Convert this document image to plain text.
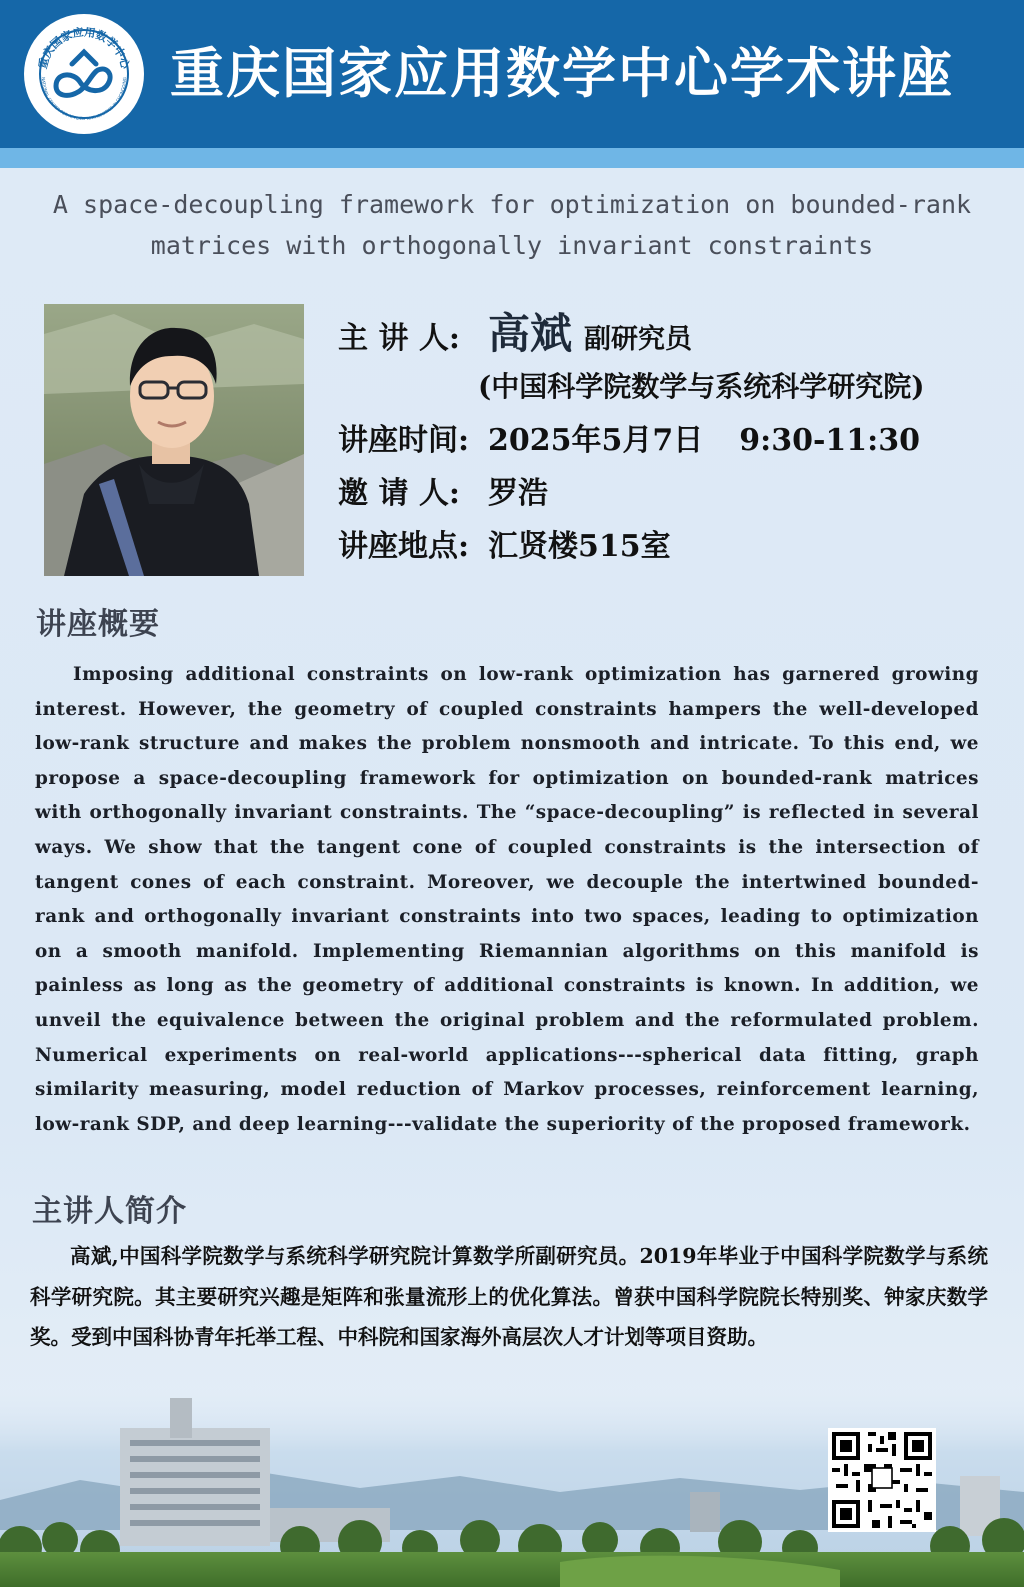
重庆国家应用数学中心
NATIONAL CENTER FOR APPLIED MATHEMATICS IN CHONGQING 重庆国家应用数学中心学术讲座
A space-decoupling framework for optimization on bounded-rank
matrices with orthogonally invariant constraints
主 讲 人: 高斌 副研究员
(中国科学院数学与系统科学研究院)
讲座时间: 2025年5月7日 9:30-11:30
邀 请 人: 罗浩
讲座地点: 汇贤楼515室
讲座概要

Imposing additional constraints on low-rank optimization has garnered growing interest. However, the geometry of coupled constraints hampers the well-developed low-rank structure and makes the problem nonsmooth and intricate. To this end, we propose a space-decoupling framework for optimization on bounded-rank matrices with orthogonally invariant constraints. The “space-decoupling” is reflected in several ways. We show that the tangent cone of coupled constraints is the intersection of tangent cones of each constraint. Moreover, we decouple the intertwined bounded-rank and orthogonally invariant constraints into two spaces, leading to optimization on a smooth manifold. Implementing Riemannian algorithms on this manifold is painless as long as the geometry of additional constraints is known. In addition, we unveil the equivalence between the original problem and the reformulated problem. Numerical experiments on real-world applications---spherical data fitting, graph similarity measuring, model reduction of Markov processes, reinforcement learning, low-rank SDP, and deep learning---validate the superiority of the proposed framework.

主讲人简介

高斌,中国科学院数学与系统科学研究院计算数学所副研究员。2019年毕业于中国科学院数学与系统科学研究院。其主要研究兴趣是矩阵和张量流形上的优化算法。曾获中国科学院院长特别奖、钟家庆数学奖。受到中国科协青年托举工程、中科院和国家海外高层次人才计划等项目资助。
